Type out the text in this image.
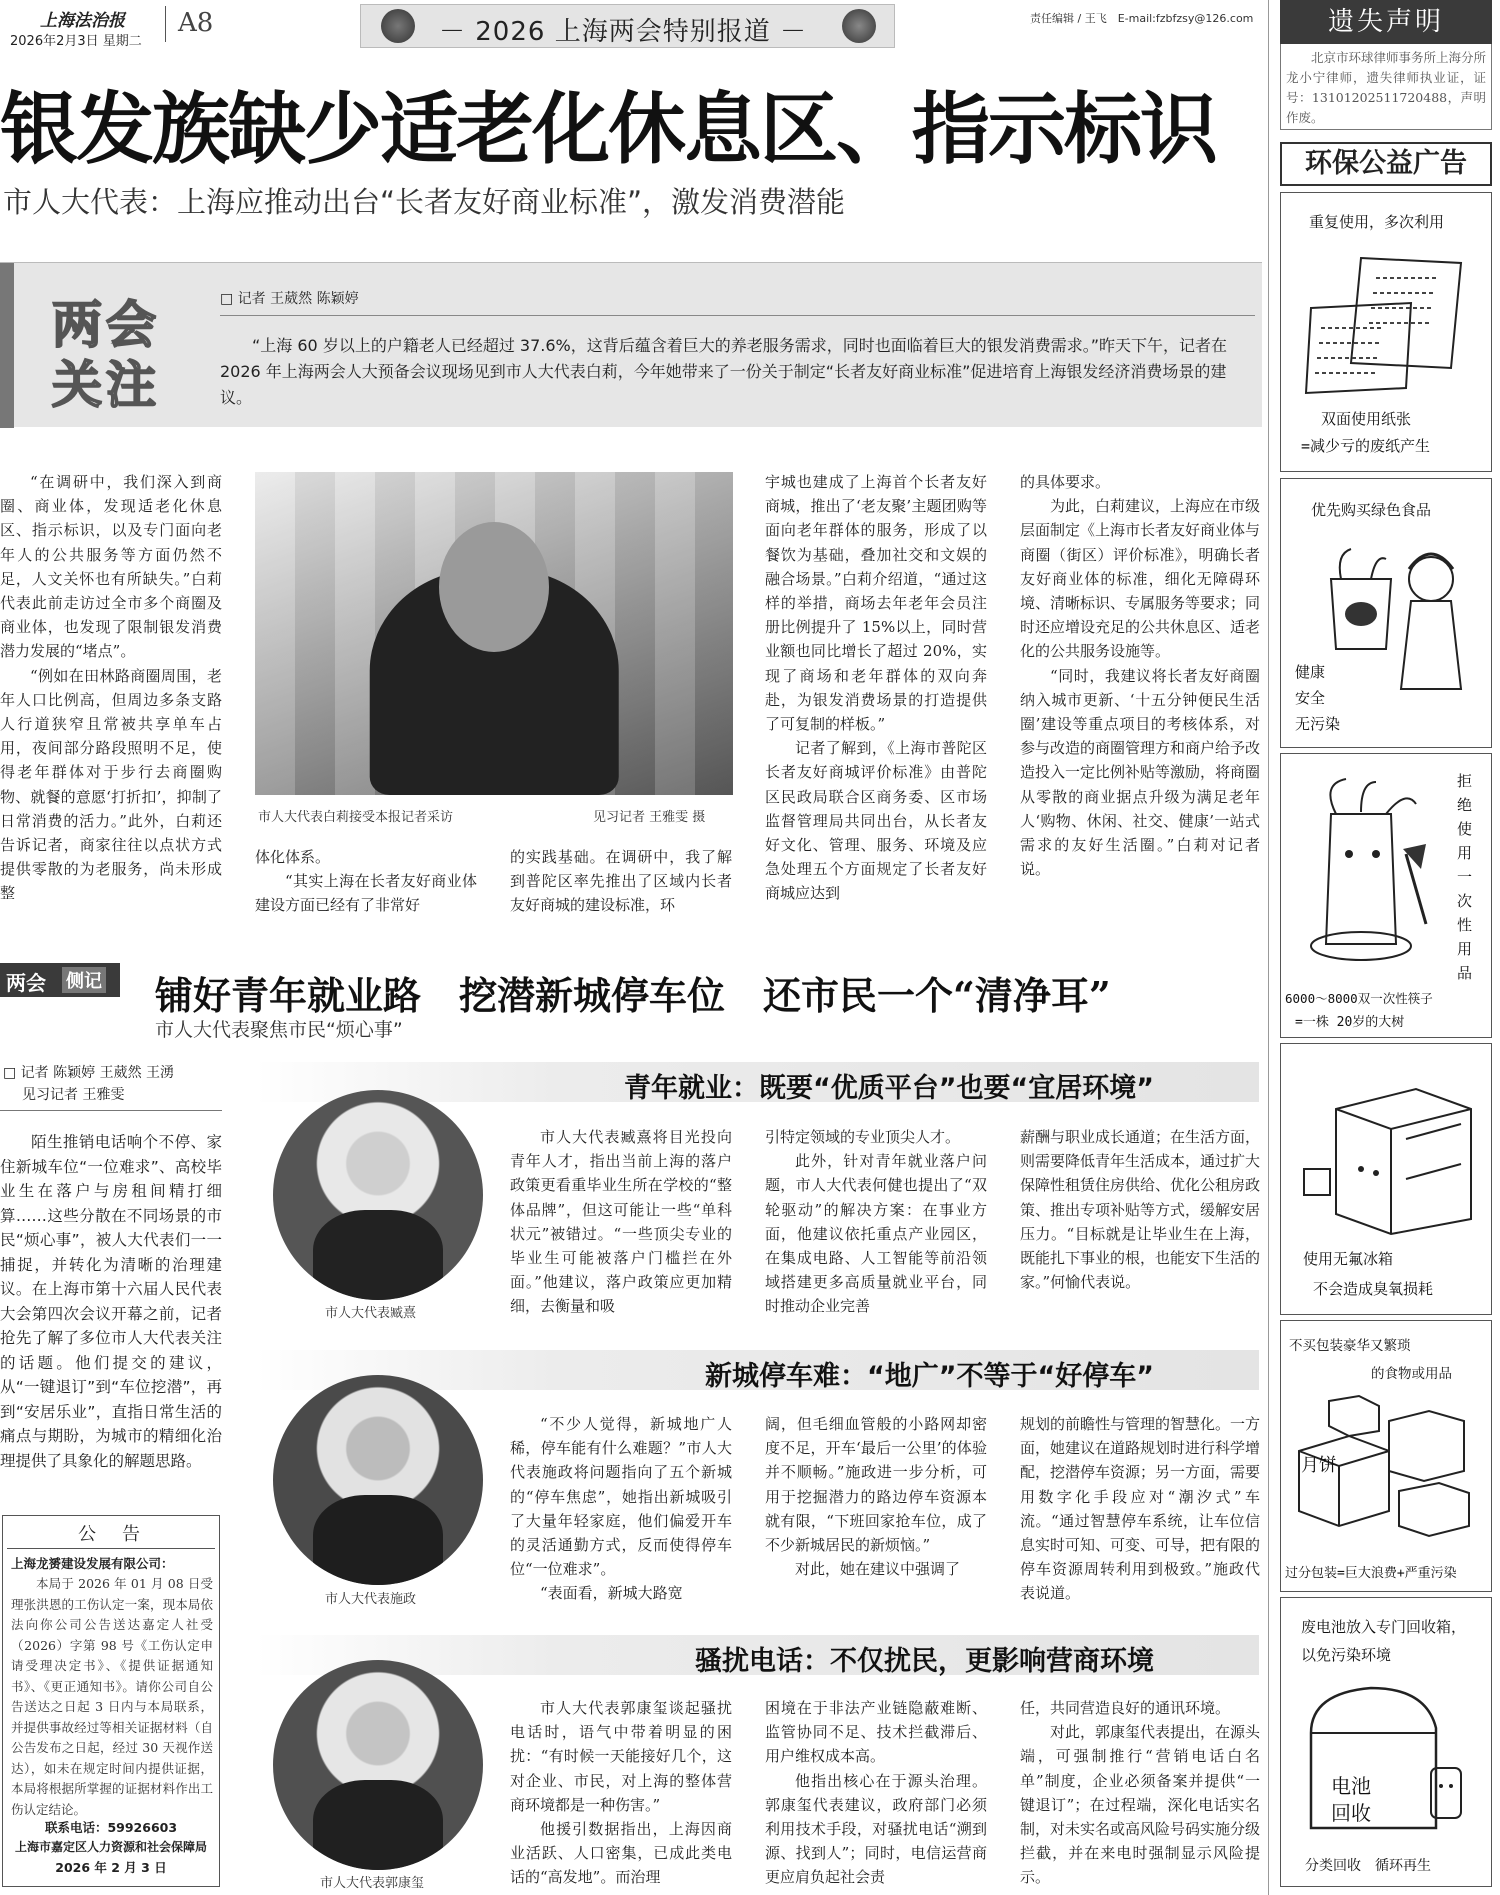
上海法治报
2026年2月3日 星期二
A8	－ 2026 上海两会特别报道 －	责任编辑 / 王飞　E-mail:fzbfzsy@126.com
银发族缺少适老化休息区、指示标识
市人大代表：上海应推动出台“长者友好商业标准”，激发消费潜能
两会
关注
□ 记者 王葳然 陈颖婷
“上海 60 岁以上的户籍老人已经超过 37.6%，这背后蕴含着巨大的养老服务需求，同时也面临着巨大的银发消费需求。”昨天下午，记者在 2026 年上海两会人大预备会议现场见到市人大代表白莉，今年她带来了一份关于制定“长者友好商业标准”促进培育上海银发经济消费场景的建议。

“在调研中，我们深入到商圈、商业体，发现适老化休息区、指示标识，以及专门面向老年人的公共服务等方面仍然不足，人文关怀也有所缺失。”白莉代表此前走访过全市多个商圈及商业体，也发现了限制银发消费潜力发展的“堵点”。

“例如在田林路商圈周围，老年人口比例高，但周边多条支路人行道狭窄且常被共享单车占用，夜间部分路段照明不足，使得老年群体对于步行去商圈购物、就餐的意愿‘打折扣’，抑制了日常消费的活力。”此外，白莉还告诉记者，商家往往以点状方式提供零散的为老服务，尚未形成整

市人大代表白莉接受本报记者采访	见习记者 王雅雯 摄

体化体系。

“其实上海在长者友好商业体建设方面已经有了非常好

的实践基础。在调研中，我了解到普陀区率先推出了区域内长者友好商城的建设标准，环

宇城也建成了上海首个长者友好商城，推出了‘老友聚’主题团购等面向老年群体的服务，形成了以餐饮为基础，叠加社交和文娱的融合场景。”白莉介绍道，“通过这样的举措，商场去年老年会员注册比例提升了 15%以上，同时营业额也同比增长了超过 20%，实现了商场和老年群体的双向奔赴，为银发消费场景的打造提供了可复制的样板。”

记者了解到，《上海市普陀区长者友好商城评价标准》由普陀区民政局联合区商务委、区市场监督管理局共同出台，从长者友好文化、管理、服务、环境及应急处理五个方面规定了长者友好商城应达到

的具体要求。

为此，白莉建议，上海应在市级层面制定《上海市长者友好商业体与商圈（街区）评价标准》，明确长者友好商业体的标准，细化无障碍环境、清晰标识、专属服务等要求；同时还应增设充足的公共休息区、适老化的公共服务设施等。

“同时，我建议将长者友好商圈纳入城市更新、‘十五分钟便民生活圈’建设等重点项目的考核体系，对参与改造的商圈管理方和商户给予改造投入一定比例补贴等激励，将商圈从零散的商业据点升级为满足老年人‘购物、休闲、社交、健康’一站式需求的友好生活圈。”白莉对记者说。

两会 侧记 铺好青年就业路　挖潜新城停车位　还市民一个“清净耳”
市人大代表聚焦市民“烦心事”
□ 记者 陈颖婷 王葳然 王湧
见习记者 王雅雯

陌生推销电话响个不停、家住新城车位“一位难求”、高校毕业生在落户与房租间精打细算……这些分散在不同场景的市民“烦心事”，被人大代表们一一捕捉，并转化为清晰的治理建议。在上海市第十六届人民代表大会第四次会议开幕之前，记者抢先了解了多位市人大代表关注的话题。他们提交的建议，从“一键退订”到“车位挖潜”，再到“安居乐业”，直指日常生活的痛点与期盼，为城市的精细化治理提供了具象化的解题思路。

公　告
上海龙赟建设发展有限公司：
本局于 2026 年 01 月 08 日受理张洪恩的工伤认定一案，现本局依法向你公司公告送达嘉定人社受（2026）字第 98 号《工伤认定申请受理决定书》、《提供证据通知书》、《更正通知书》。请你公司自公告送达之日起 3 日内与本局联系，并提供事故经过等相关证据材料（自公告发布之日起，经过 30 天视作送达），如未在规定时间内提供证据，本局将根据所掌握的证据材料作出工伤认定结论。
联系电话：59926603
上海市嘉定区人力资源和社会保障局
2026 年 2 月 3 日
青年就业：既要“优质平台”也要“宜居环境”
市人大代表臧熹

市人大代表臧熹将目光投向青年人才，指出当前上海的落户政策更看重毕业生所在学校的“整体品牌”，但这可能让一些“单科状元”被错过。“一些顶尖专业的毕业生可能被落户门槛拦在外面。”他建议，落户政策应更加精细，去衡量和吸

引特定领域的专业顶尖人才。

此外，针对青年就业落户问题，市人大代表何健也提出了“双轮驱动”的解决方案：在事业方面，他建议依托重点产业园区，在集成电路、人工智能等前沿领域搭建更多高质量就业平台，同时推动企业完善

薪酬与职业成长通道；在生活方面，则需要降低青年生活成本，通过扩大保障性租赁住房供给、优化公租房政策、推出专项补贴等方式，缓解安居压力。“目标就是让毕业生在上海，既能扎下事业的根，也能安下生活的家。”何愉代表说。

新城停车难：“地广”不等于“好停车”
市人大代表施政

“不少人觉得，新城地广人稀，停车能有什么难题？”市人大代表施政将问题指向了五个新城的“停车焦虑”，她指出新城吸引了大量年轻家庭，他们偏爱开车的灵活通勤方式，反而使得停车位“一位难求”。

“表面看，新城大路宽

阔，但毛细血管般的小路网却密度不足，开车‘最后一公里’的体验并不顺畅。”施政进一步分析，可用于挖掘潜力的路边停车资源本就有限，“下班回家抢车位，成了不少新城居民的新烦恼。”

对此，她在建议中强调了

规划的前瞻性与管理的智慧化。一方面，她建议在道路规划时进行科学增配，挖潜停车资源；另一方面，需要用数字化手段应对“潮汐式”车流。“通过智慧停车系统，让车位信息实时可知、可变、可导，把有限的停车资源周转利用到极致。”施政代表说道。

骚扰电话：不仅扰民，更影响营商环境
市人大代表郭康玺

市人大代表郭康玺谈起骚扰电话时，语气中带着明显的困扰：“有时候一天能接好几个，这对企业、市民，对上海的整体营商环境都是一种伤害。”

他援引数据指出，上海因商业活跃、人口密集，已成此类电话的“高发地”。而治理

困境在于非法产业链隐蔽难断、监管协同不足、技术拦截滞后、用户维权成本高。

他指出核心在于源头治理。郭康玺代表建议，政府部门必须利用技术手段，对骚扰电话“溯到源、找到人”；同时，电信运营商更应肩负起社会责

任，共同营造良好的通讯环境。

对此，郭康玺代表提出，在源头端，可强制推行“营销电话白名单”制度，企业必须备案并提供“一键退订”；在过程端，深化电话实名制，对未实名或高风险号码实施分级拦截，并在来电时强制显示风险提示。

遗失声明
北京市环球律师事务所上海分所龙小宁律师，遗失律师执业证，证号：13101202511720488，声明作废。
环保公益广告
重复使用，多次利用
双面使用纸张
=减少亏的废纸产生
优先购买绿色食品
健康
安全
无污染
拒
绝
使
用
一
次
性
用
品
6000～8000双一次性筷子
=一株 20岁的大树
使用无氟冰箱
不会造成臭氧损耗
不买包装豪华又繁琐
的食物或用品
月饼
过分包装=巨大浪费+严重污染
废电池放入专门回收箱，
以免污染环境
电池
回收
分类回收　循环再生
